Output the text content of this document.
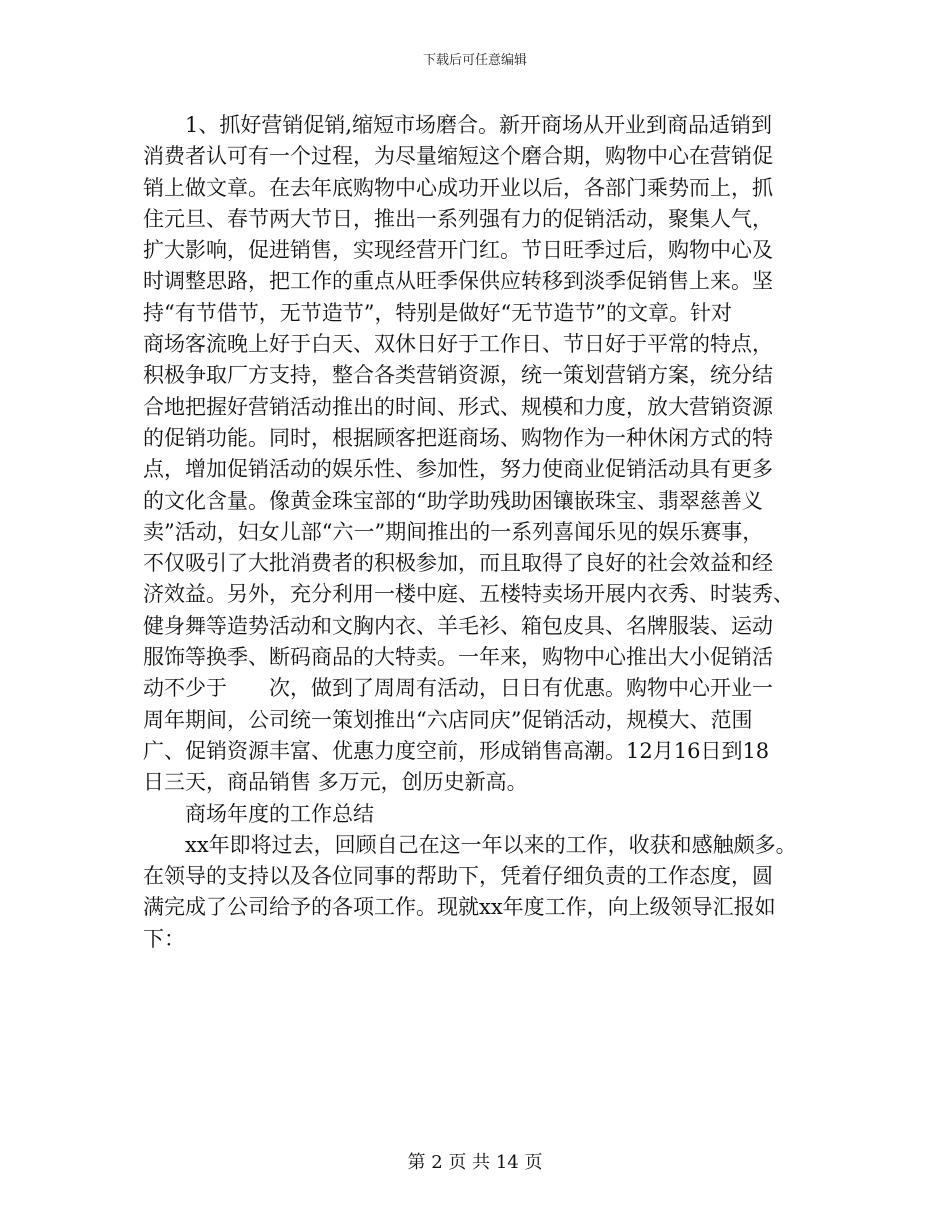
下载后可任意编辑
1、抓好营销促销,缩短市场磨合。新开商场从开业到商品适销到
消费者认可有一个过程，为尽量缩短这个磨合期，购物中心在营销促
销上做文章。在去年底购物中心成功开业以后，各部门乘势而上，抓
住元旦、春节两大节日，推出一系列强有力的促销活动，聚集人气，
扩大影响，促进销售，实现经营开门红。节日旺季过后，购物中心及
时调整思路，把工作的重点从旺季保供应转移到淡季促销售上来。坚
持“有节借节，无节造节”，特别是做好“无节造节”的文章。针对
商场客流晚上好于白天、双休日好于工作日、节日好于平常的特点，
积极争取厂方支持，整合各类营销资源，统一策划营销方案，统分结
合地把握好营销活动推出的时间、形式、规模和力度，放大营销资源
的促销功能。同时，根据顾客把逛商场、购物作为一种休闲方式的特
点，增加促销活动的娱乐性、参加性，努力使商业促销活动具有更多
的文化含量。像黄金珠宝部的“助学助残助困镶嵌珠宝、翡翠慈善义
卖”活动，妇女儿部“六一”期间推出的一系列喜闻乐见的娱乐赛事，
不仅吸引了大批消费者的积极参加，而且取得了良好的社会效益和经
济效益。另外，充分利用一楼中庭、五楼特卖场开展内衣秀、时装秀、
健身舞等造势活动和文胸内衣、羊毛衫、箱包皮具、名牌服装、运动
服饰等换季、断码商品的大特卖。一年来，购物中心推出大小促销活
动不少于　　次，做到了周周有活动，日日有优惠。购物中心开业一
周年期间，公司统一策划推出“六店同庆”促销活动，规模大、范围
广、促销资源丰富、优惠力度空前，形成销售高潮。12月16日到18
日三天，商品销售 多万元，创历史新高。
商场年度的工作总结
xx年即将过去，回顾自己在这一年以来的工作，收获和感触颇多。
在领导的支持以及各位同事的帮助下，凭着仔细负责的工作态度，圆
满完成了公司给予的各项工作。现就xx年度工作，向上级领导汇报如
下：
第 2 页 共 14 页
